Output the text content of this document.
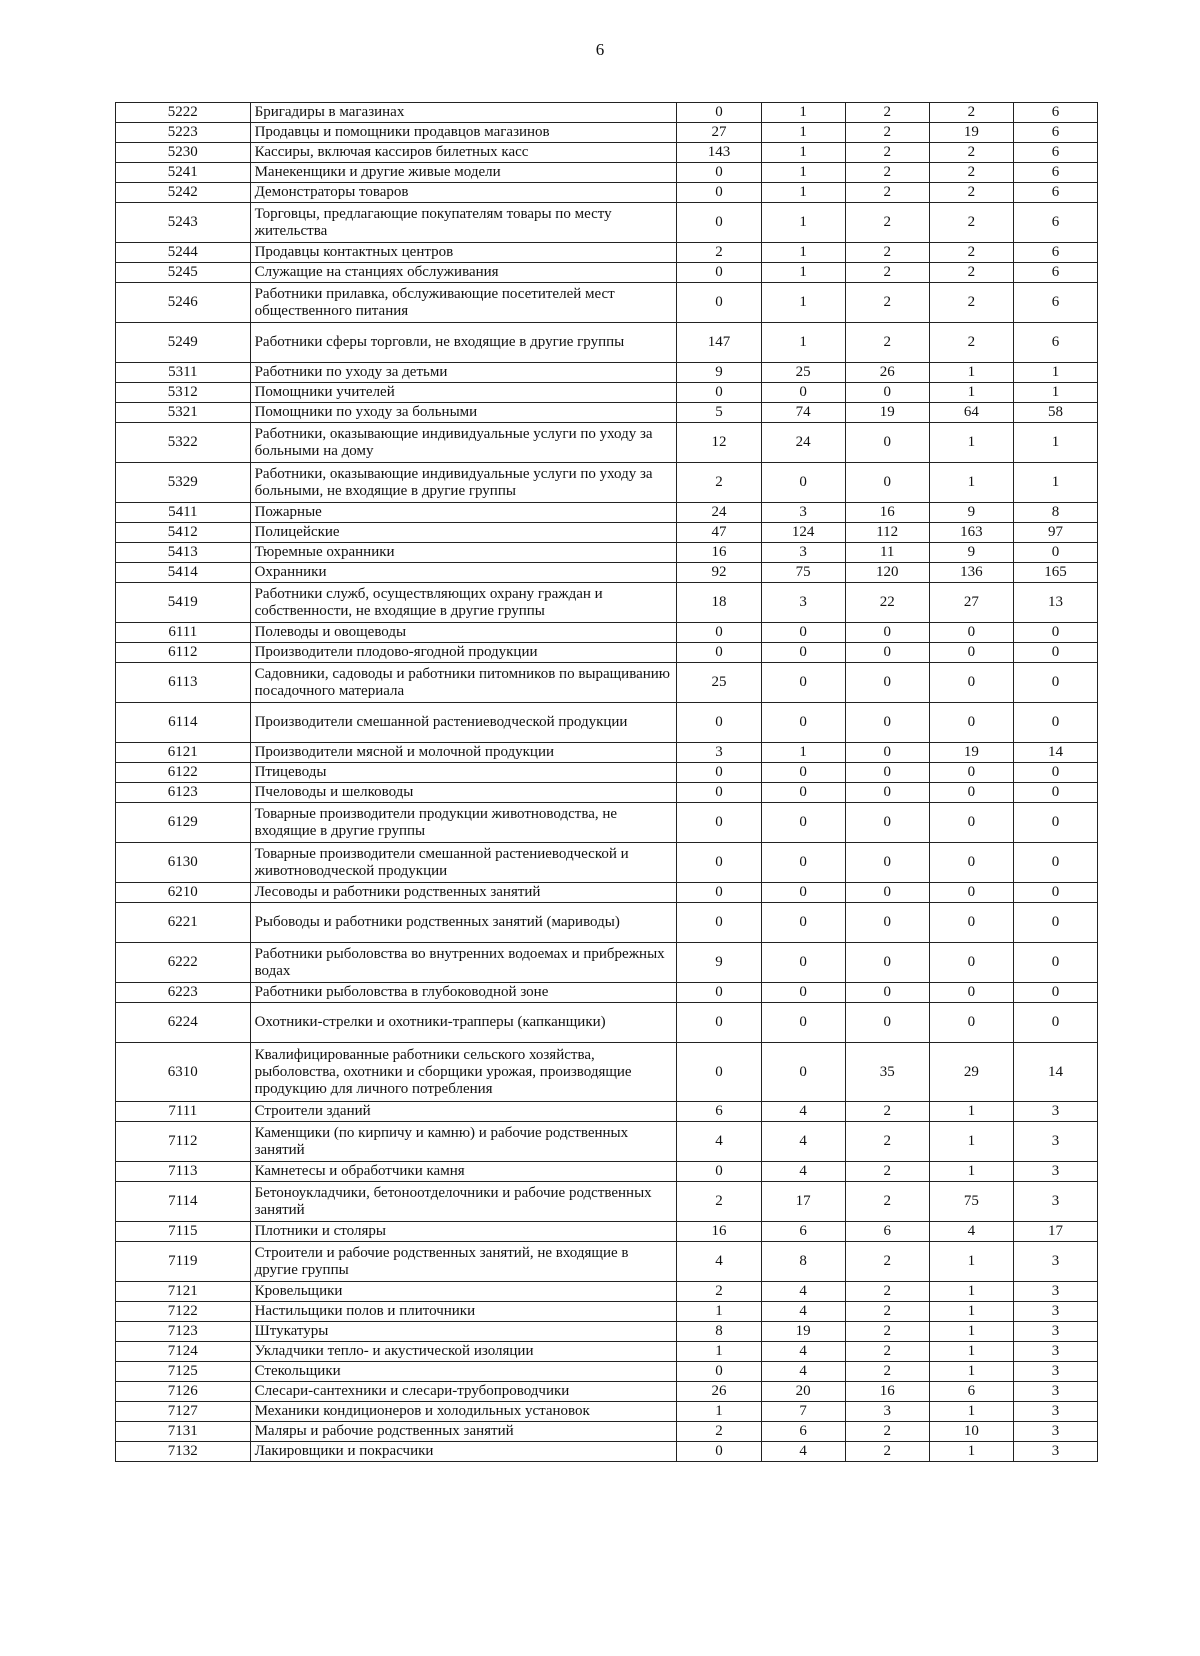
6
5222	Бригадиры в магазинах	0	1	2	2	6
5223	Продавцы и помощники продавцов магазинов	27	1	2	19	6
5230	Кассиры, включая кассиров билетных касс	143	1	2	2	6
5241	Манекенщики и другие живые модели	0	1	2	2	6
5242	Демонстраторы товаров	0	1	2	2	6
5243	Торговцы, предлагающие покупателям товары по месту жительства	0	1	2	2	6
5244	Продавцы контактных центров	2	1	2	2	6
5245	Служащие на станциях обслуживания	0	1	2	2	6
5246	Работники прилавка, обслуживающие посетителей мест общественного питания	0	1	2	2	6
5249	Работники сферы торговли, не входящие в другие группы	147	1	2	2	6
5311	Работники по уходу за детьми	9	25	26	1	1
5312	Помощники учителей	0	0	0	1	1
5321	Помощники по уходу за больными	5	74	19	64	58
5322	Работники, оказывающие индивидуальные услуги по уходу за больными на дому	12	24	0	1	1
5329	Работники, оказывающие индивидуальные услуги по уходу за больными, не входящие в другие группы	2	0	0	1	1
5411	Пожарные	24	3	16	9	8
5412	Полицейские	47	124	112	163	97
5413	Тюремные охранники	16	3	11	9	0
5414	Охранники	92	75	120	136	165
5419	Работники служб, осуществляющих охрану граждан и собственности, не входящие в другие группы	18	3	22	27	13
6111	Полеводы и овощеводы	0	0	0	0	0
6112	Производители плодово-ягодной продукции	0	0	0	0	0
6113	Садовники, садоводы и работники питомников по выращиванию посадочного материала	25	0	0	0	0
6114	Производители смешанной растениеводческой продукции	0	0	0	0	0
6121	Производители мясной и молочной продукции	3	1	0	19	14
6122	Птицеводы	0	0	0	0	0
6123	Пчеловоды и шелководы	0	0	0	0	0
6129	Товарные производители продукции животноводства, не входящие в другие группы	0	0	0	0	0
6130	Товарные производители смешанной растениеводческой и животноводческой продукции	0	0	0	0	0
6210	Лесоводы и работники родственных занятий	0	0	0	0	0
6221	Рыбоводы и работники родственных занятий (мариводы)	0	0	0	0	0
6222	Работники рыболовства во внутренних водоемах и прибрежных водах	9	0	0	0	0
6223	Работники рыболовства в глубоководной зоне	0	0	0	0	0
6224	Охотники-стрелки и охотники-трапперы (капканщики)	0	0	0	0	0
6310	Квалифицированные работники сельского хозяйства, рыболовства, охотники и сборщики урожая, производящие продукцию для личного потребления	0	0	35	29	14
7111	Строители зданий	6	4	2	1	3
7112	Каменщики (по кирпичу и камню) и рабочие родственных занятий	4	4	2	1	3
7113	Камнетесы и обработчики камня	0	4	2	1	3
7114	Бетоноукладчики, бетоноотделочники и рабочие родственных занятий	2	17	2	75	3
7115	Плотники и столяры	16	6	6	4	17
7119	Строители и рабочие родственных занятий, не входящие в другие группы	4	8	2	1	3
7121	Кровельщики	2	4	2	1	3
7122	Настильщики полов и плиточники	1	4	2	1	3
7123	Штукатуры	8	19	2	1	3
7124	Укладчики тепло- и акустической изоляции	1	4	2	1	3
7125	Стекольщики	0	4	2	1	3
7126	Слесари-сантехники и слесари-трубопроводчики	26	20	16	6	3
7127	Механики кондиционеров и холодильных установок	1	7	3	1	3
7131	Маляры и рабочие родственных занятий	2	6	2	10	3
7132	Лакировщики и покрасчики	0	4	2	1	3
